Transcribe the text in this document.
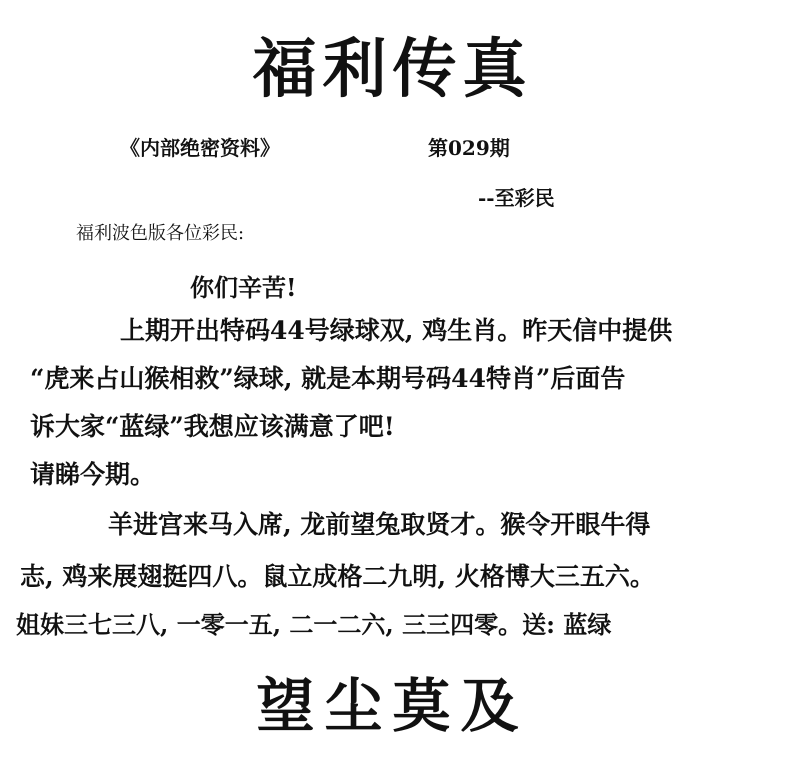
福利传真
《内部绝密资料》	第029期
--至彩民
福利波色版各位彩民:
你们辛苦!
上期开出特码44号绿球双, 鸡生肖。昨天信中提供
“虎来占山猴相救”绿球, 就是本期号码44特肖”后面告
诉大家“蓝绿”我想应该满意了吧!
请睇今期。
羊进宫来马入席, 龙前望兔取贤才。猴令开眼牛得
志, 鸡来展翅挺四八。鼠立成格二九明, 火格博大三五六。
姐妹三七三八, 一零一五, 二一二六, 三三四零。送: 蓝绿
望尘莫及
